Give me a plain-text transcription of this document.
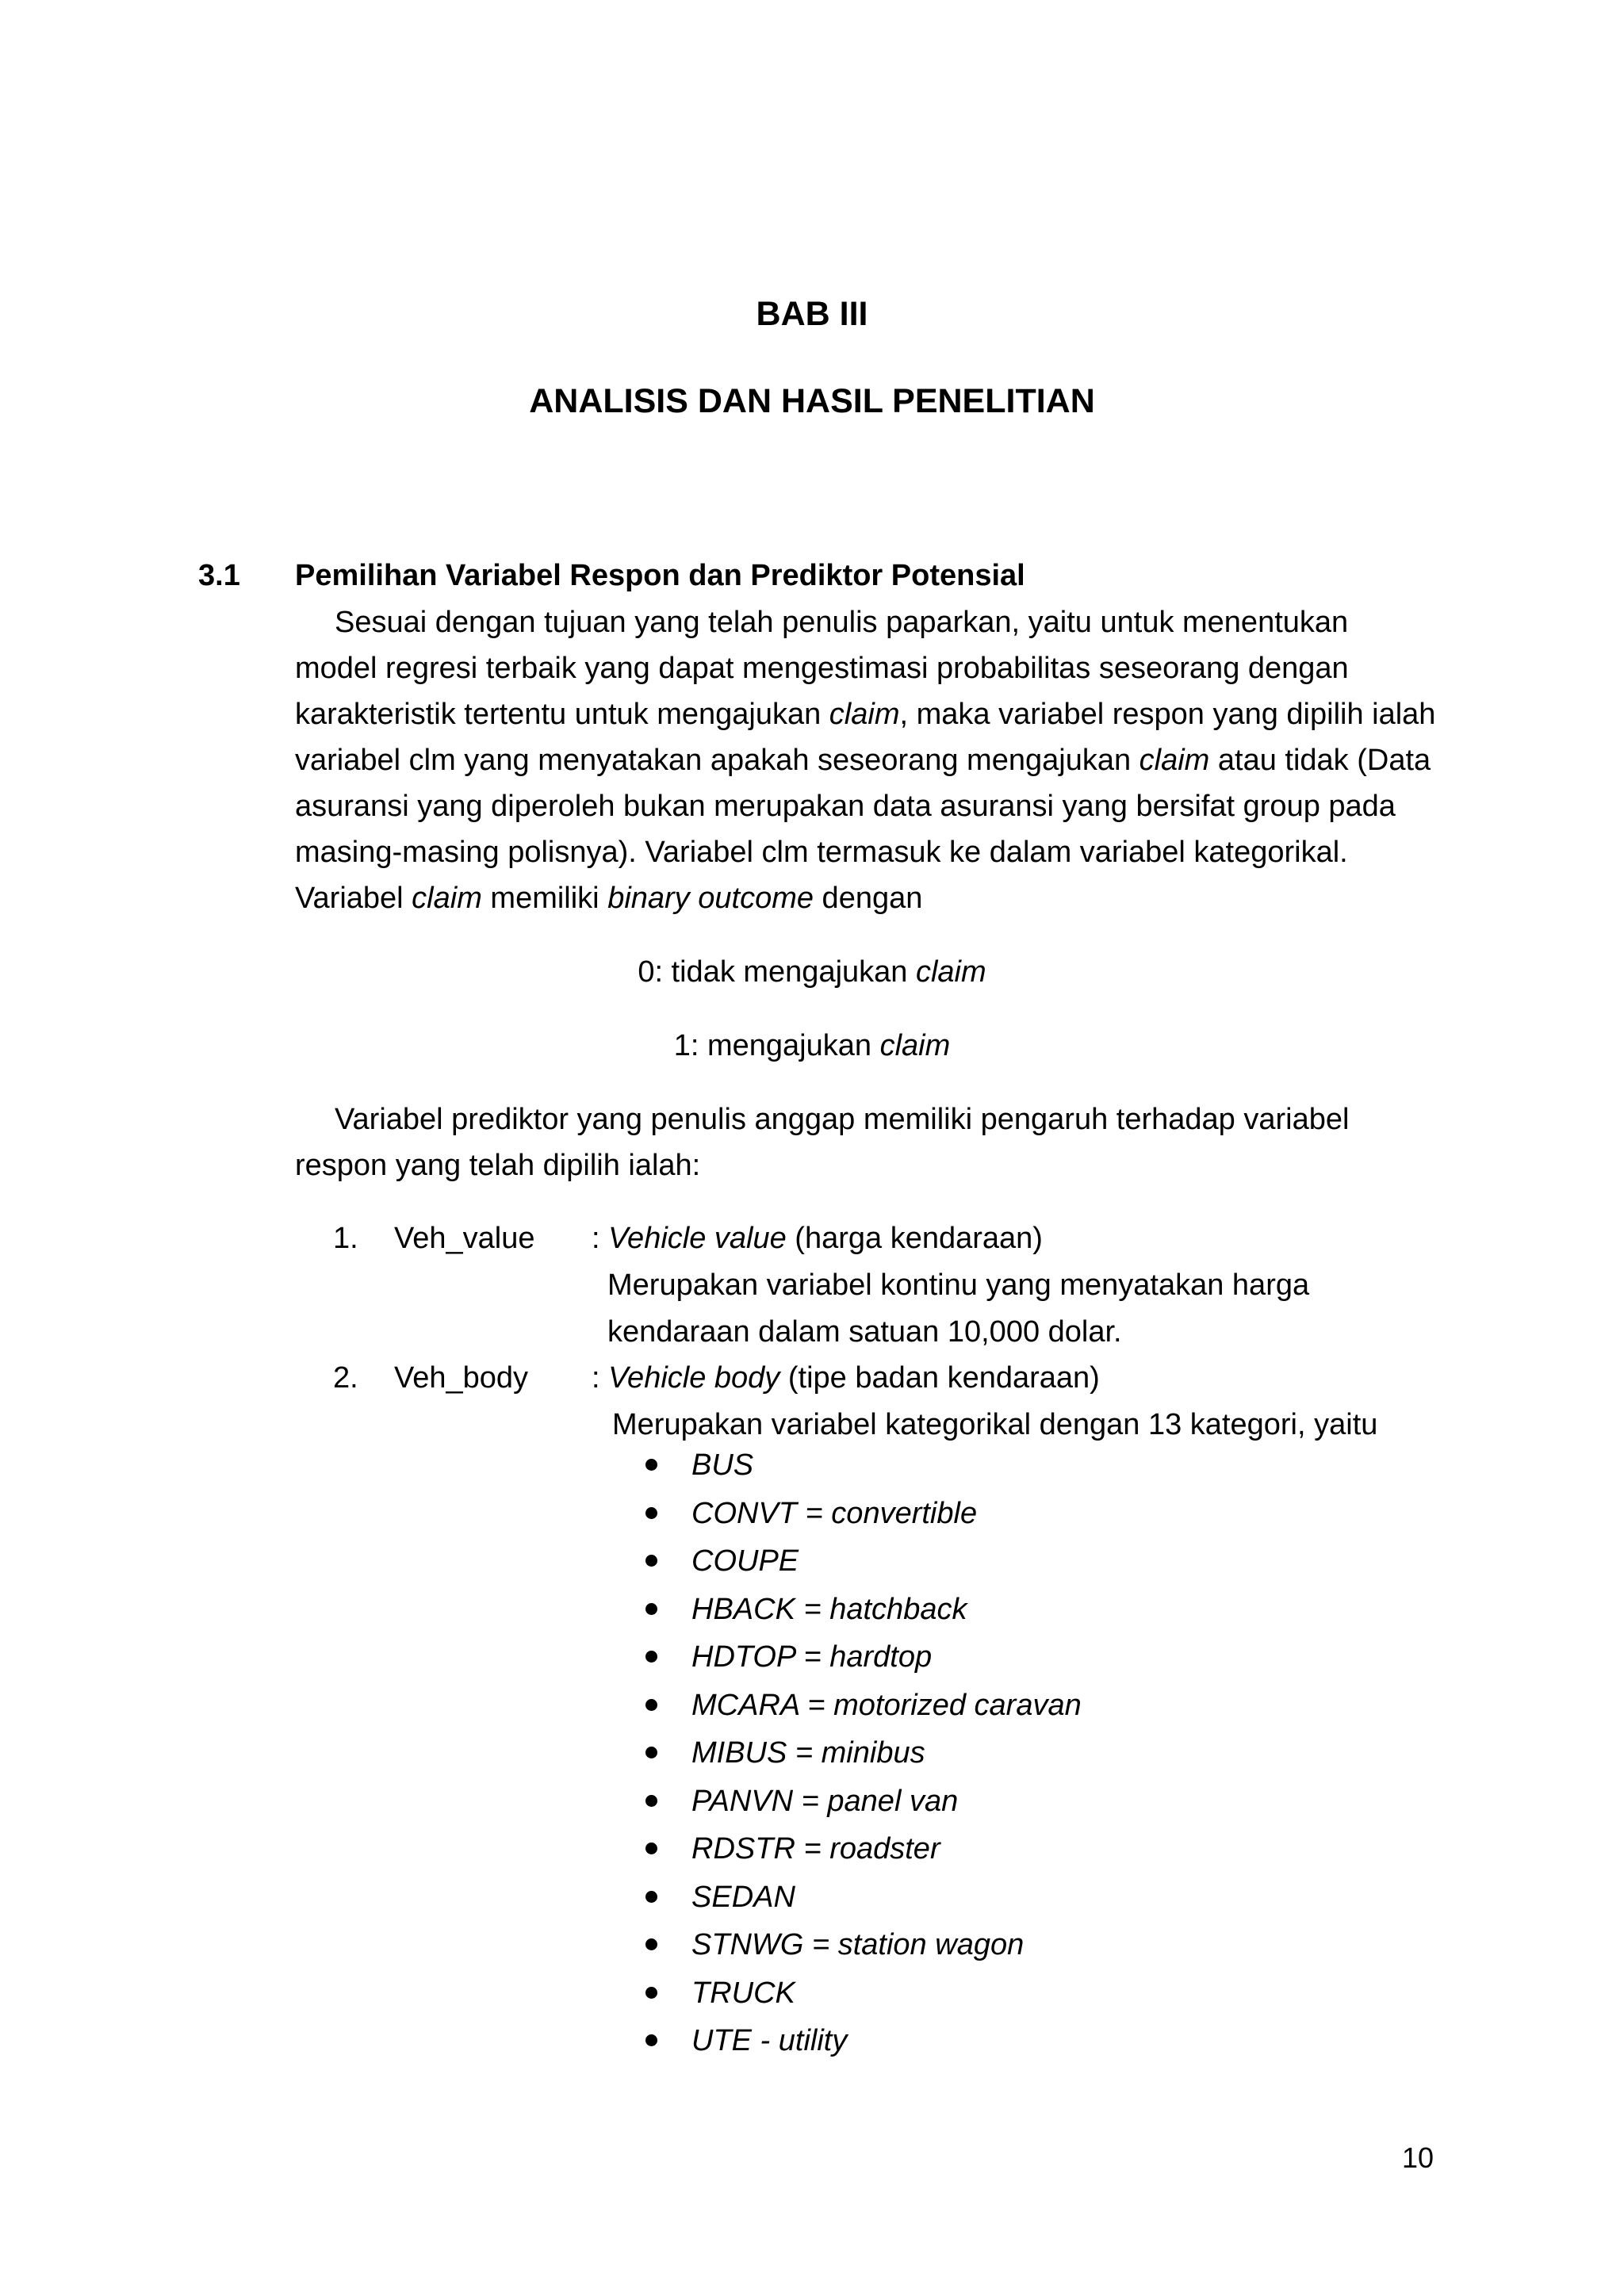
BAB III
ANALISIS DAN HASIL PENELITIAN
3.1 Pemilihan Variabel Respon dan Prediktor Potensial

Sesuai dengan tujuan yang telah penulis paparkan, yaitu untuk menentukan model regresi terbaik yang dapat mengestimasi probabilitas seseorang dengan karakteristik tertentu untuk mengajukan claim, maka variabel respon yang dipilih ialah variabel clm yang menyatakan apakah seseorang mengajukan claim atau tidak (Data asuransi yang diperoleh bukan merupakan data asuransi yang bersifat group pada masing-masing polisnya). Variabel clm termasuk ke dalam variabel kategorikal. Variabel claim memiliki binary outcome dengan

0: tidak mengajukan claim
1: mengajukan claim

Variabel prediktor yang penulis anggap memiliki pengaruh terhadap variabel respon yang telah dipilih ialah:

1. Veh_value : Vehicle value (harga kendaraan)
Merupakan variabel kontinu yang menyatakan harga
kendaraan dalam satuan 10,000 dolar.
2. Veh_body : Vehicle body (tipe badan kendaraan)
Merupakan variabel kategorikal dengan 13 kategori, yaitu
BUS
CONVT = convertible
COUPE
HBACK = hatchback
HDTOP = hardtop
MCARA = motorized caravan
MIBUS = minibus
PANVN = panel van
RDSTR = roadster
SEDAN
STNWG = station wagon
TRUCK
UTE - utility
10
